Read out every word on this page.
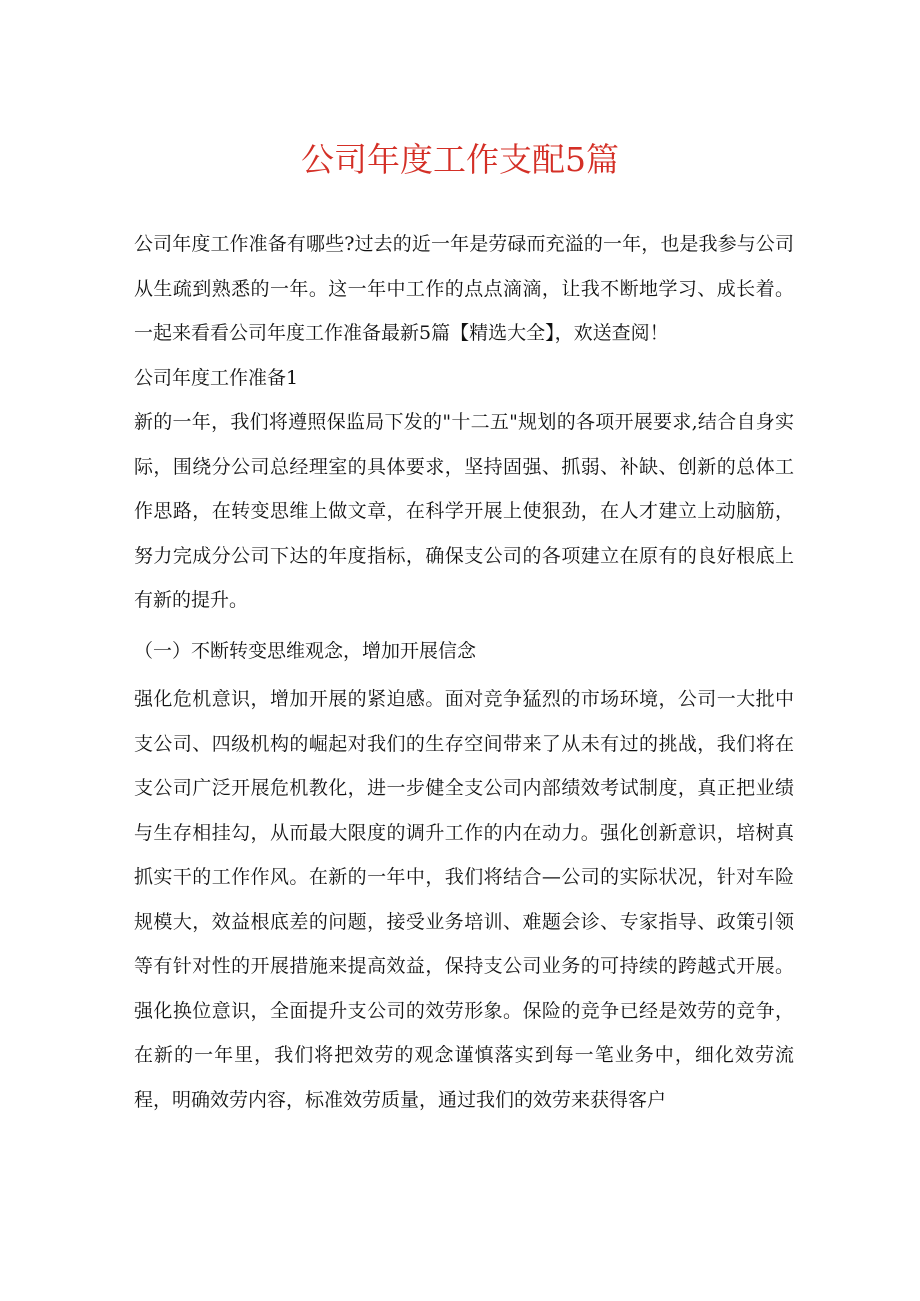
公司年度工作支配5篇

公司年度工作准备有哪些?过去的近一年是劳碌而充溢的一年，也是我参与公司从生疏到熟悉的一年。这一年中工作的点点滴滴，让我不断地学习、成长着。一起来看看公司年度工作准备最新5篇【精选大全】，欢送查阅！

公司年度工作准备1

新的一年，我们将遵照保监局下发的"十二五"规划的各项开展要求,结合自身实际，围绕分公司总经理室的具体要求，坚持固强、抓弱、补缺、创新的总体工作思路，在转变思维上做文章，在科学开展上使狠劲，在人才建立上动脑筋，努力完成分公司下达的年度指标，确保支公司的各项建立在原有的良好根底上有新的提升。

（一）不断转变思维观念，增加开展信念

强化危机意识，增加开展的紧迫感。面对竞争猛烈的市场环境，公司一大批中支公司、四级机构的崛起对我们的生存空间带来了从未有过的挑战，我们将在支公司广泛开展危机教化，进一步健全支公司内部绩效考试制度，真正把业绩与生存相挂勾，从而最大限度的调升工作的内在动力。强化创新意识，培树真抓实干的工作作风。在新的一年中，我们将结合—公司的实际状况，针对车险规模大，效益根底差的问题，接受业务培训、难题会诊、专家指导、政策引领等有针对性的开展措施来提高效益，保持支公司业务的可持续的跨越式开展。强化换位意识，全面提升支公司的效劳形象。保险的竞争已经是效劳的竞争，在新的一年里，我们将把效劳的观念谨慎落实到每一笔业务中，细化效劳流程，明确效劳内容，标准效劳质量，通过我们的效劳来获得客户
